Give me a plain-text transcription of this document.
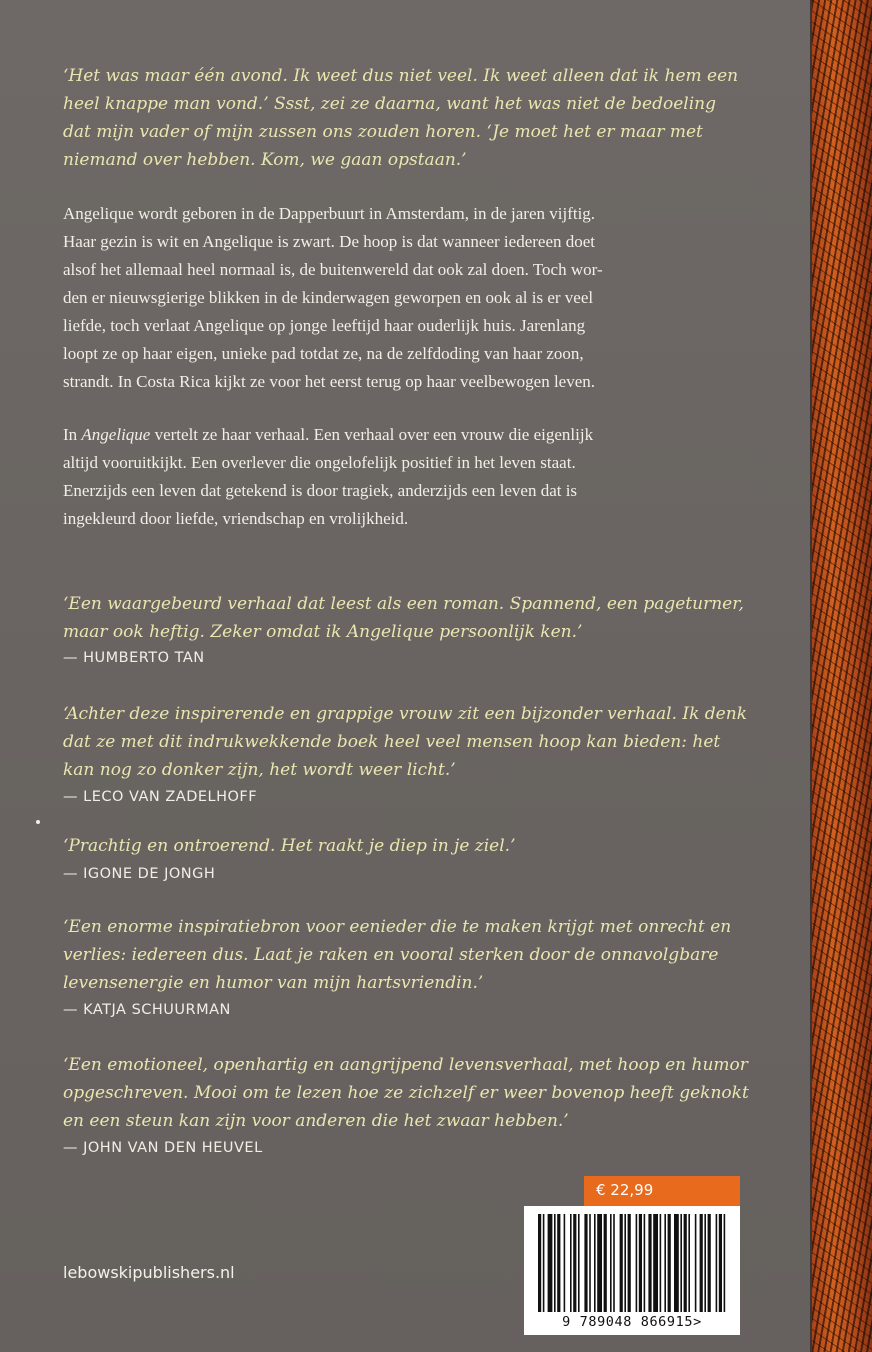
‘Het was maar één avond. Ik weet dus niet veel. Ik weet alleen dat ik hem een
heel knappe man vond.’ Ssst, zei ze daarna, want het was niet de bedoeling
dat mijn vader of mijn zussen ons zouden horen. ‘Je moet het er maar met
niemand over hebben. Kom, we gaan opstaan.’

Angelique wordt geboren in de Dapperbuurt in Amsterdam, in de jaren vijftig.
Haar gezin is wit en Angelique is zwart. De hoop is dat wanneer iedereen doet
alsof het allemaal heel normaal is, de buitenwereld dat ook zal doen. Toch wor-
den er nieuwsgierige blikken in de kinderwagen geworpen en ook al is er veel
liefde, toch verlaat Angelique op jonge leeftijd haar ouderlijk huis. Jarenlang
loopt ze op haar eigen, unieke pad totdat ze, na de zelfdoding van haar zoon,
strandt. In Costa Rica kijkt ze voor het eerst terug op haar veelbewogen leven.

In Angelique vertelt ze haar verhaal. Een verhaal over een vrouw die eigenlijk
altijd vooruitkijkt. Een overlever die ongelofelijk positief in het leven staat.
Enerzijds een leven dat getekend is door tragiek, anderzijds een leven dat is
ingekleurd door liefde, vriendschap en vrolijkheid.

‘Een waargebeurd verhaal dat leest als een roman. Spannend, een pageturner,
maar ook heftig. Zeker omdat ik Angelique persoonlijk ken.’

— HUMBERTO TAN

‘Achter deze inspirerende en grappige vrouw zit een bijzonder verhaal. Ik denk
dat ze met dit indrukwekkende boek heel veel mensen hoop kan bieden: het
kan nog zo donker zijn, het wordt weer licht.’

— LECO VAN ZADELHOFF

‘Prachtig en ontroerend. Het raakt je diep in je ziel.’

— IGONE DE JONGH

‘Een enorme inspiratiebron voor eenieder die te maken krijgt met onrecht en
verlies: iedereen dus. Laat je raken en vooral sterken door de onnavolgbare
levensenergie en humor van mijn hartsvriendin.’

— KATJA SCHUURMAN

‘Een emotioneel, openhartig en aangrijpend levensverhaal, met hoop en humor
opgeschreven. Mooi om te lezen hoe ze zichzelf er weer bovenop heeft geknokt
en een steun kan zijn voor anderen die het zwaar hebben.’

— JOHN VAN DEN HEUVEL
lebowskipublishers.nl
€ 22,99
9 789048 866915>
